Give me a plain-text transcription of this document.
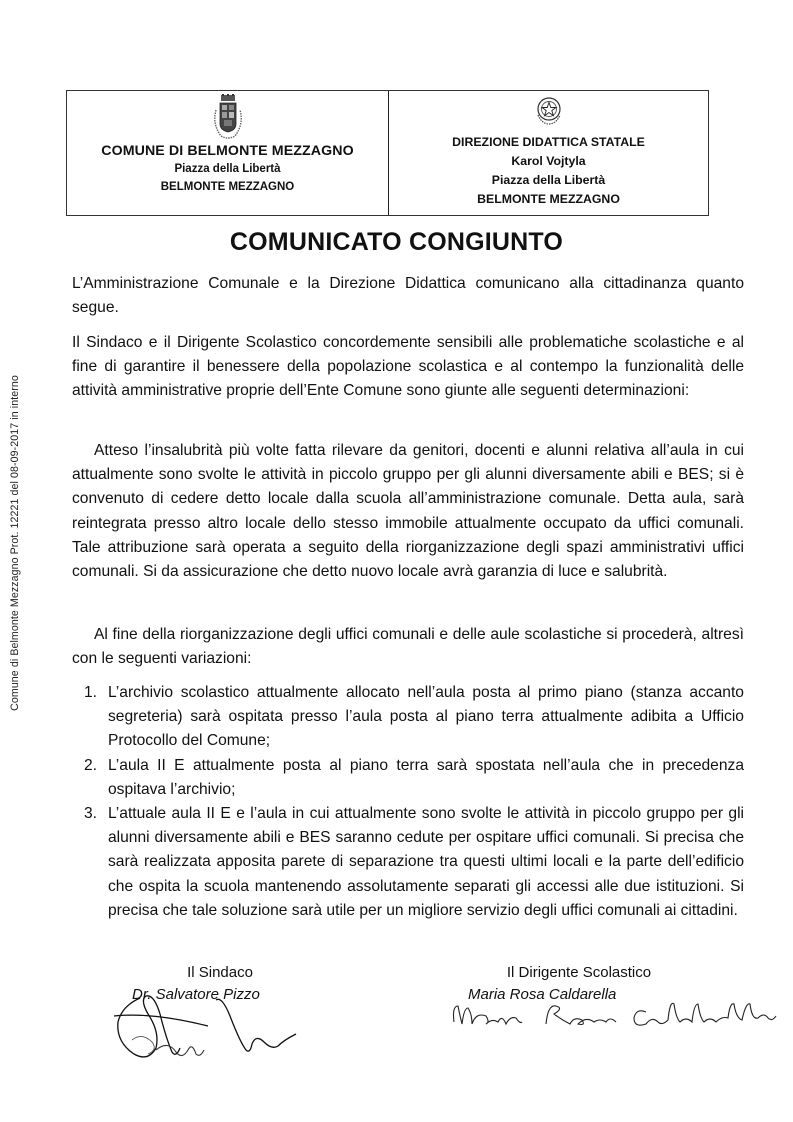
Comune di Belmonte Mezzagno Prot. 12221 del 08-09-2017 in interno
COMUNE DI BELMONTE MEZZAGNO
Piazza della Libertà
BELMONTE MEZZAGNO
DIREZIONE DIDATTICA STATALE
Karol Vojtyla
Piazza della Libertà
BELMONTE MEZZAGNO
COMUNICATO CONGIUNTO

L’Amministrazione Comunale e la Direzione Didattica comunicano alla cittadinanza quanto segue.

Il Sindaco e il Dirigente Scolastico concordemente sensibili alle problematiche scolastiche e al fine di garantire il benessere della popolazione scolastica e al contempo la funzionalità delle attività amministrative proprie dell’Ente Comune sono giunte alle seguenti determinazioni:

Atteso l’insalubrità più volte fatta rilevare da genitori, docenti e alunni relativa all’aula in cui attualmente sono svolte le attività in piccolo gruppo per gli alunni diversamente abili e BES; si è convenuto di cedere detto locale dalla scuola all’amministrazione comunale. Detta aula, sarà reintegrata presso altro locale dello stesso immobile attualmente occupato da uffici comunali. Tale attribuzione sarà operata a seguito della riorganizzazione degli spazi amministrativi uffici comunali. Si da assicurazione che detto nuovo locale avrà garanzia di luce e salubrità.

Al fine della riorganizzazione degli uffici comunali e delle aule scolastiche si procederà, altresì con le seguenti variazioni:

1. L’archivio scolastico attualmente allocato nell’aula posta al primo piano (stanza accanto segreteria) sarà ospitata presso l’aula posta al piano terra attualmente adibita a Ufficio Protocollo del Comune;
2. L’aula II E attualmente posta al piano terra sarà spostata nell’aula che in precedenza ospitava l’archivio;
3. L’attuale aula II E e l’aula in cui attualmente sono svolte le attività in piccolo gruppo per gli alunni diversamente abili e BES saranno cedute per ospitare uffici comunali. Si precisa che sarà realizzata apposita parete di separazione tra questi ultimi locali e la parte dell’edificio che ospita la scuola mantenendo assolutamente separati gli accessi alle due istituzioni. Si precisa che tale soluzione sarà utile per un migliore servizio degli uffici comunali ai cittadini.
Il Sindaco
Dr. Salvatore Pizzo
Il Dirigente Scolastico
Maria Rosa Caldarella
